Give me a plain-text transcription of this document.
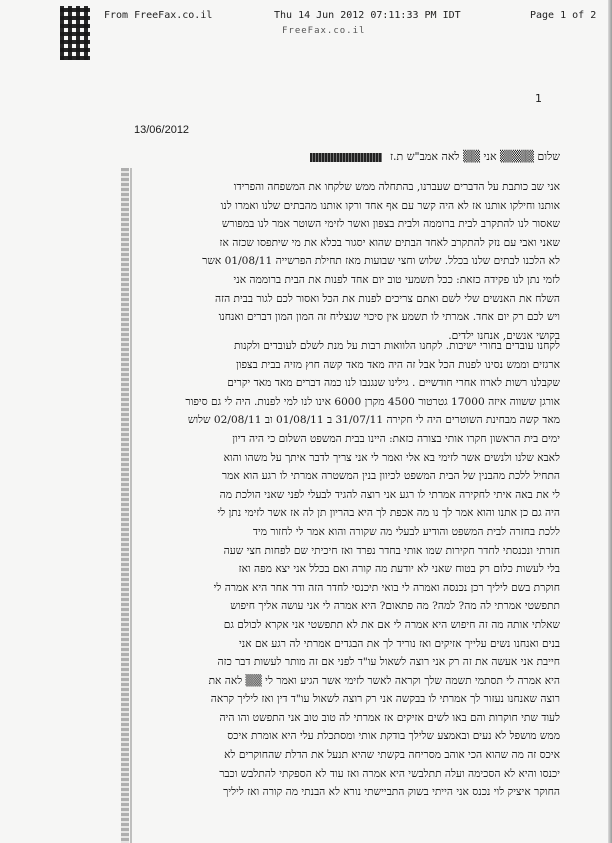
From FreeFax.co.il	Thu 14 Jun 2012 07:11:33 PM IDT	Page 1 of 2
FreeFax.co.il
1
13/06/2012
שלום ▒▒▒▒ אני ▒▒ לאה אמב"ש ת.ז
אני שב כותבת על הדברים שעברנו, בהתחלה ממש שלקחו את המשפחה והפרידו
אותנו וחילקו אותנו אז לא היה קשר עם אף אחד ורקו אותנו מהבתים שלנו ואמרו לנו
שאסור לנו להתקרב לבית ברוממה ולבית בצפון ואשר לזימי השוטר אמר לנו במפורש
שאני ואבי עם נזק להתקרב לאחד הבתים שהוא יסגור בכלא את מי שיתפסו שכזה אז
לא הלכנו לבתים שלנו בכלל. שלוש וחצי שבועות מאז תחילת הפרשייה 01/08/11 אשר
לזמי נתן לנו פקידה כזאת: ככל תשמעי טוב יום אחד לפנות את הבית ברוממה אני
השלח את האנשים שלי לשם ואתם צריכים לפנות את הכל ואסור לכם לגור בבית הזה
ויש לכם רק יום אחד. אמרתי לו תשמע אין סיכוי שנצליח זה המון המון דברים ואנחנו
בקושי אנשים, אנחנו ילדים.
לקחנו עובדים בחורי ישיבות. לקחנו הלוואות רבות על מנת לשלם לעובדים ולקנות
ארגזים וממש נסינו לפנות הכל אבל זה היה מאד מאד קשה חוץ מזיה בבית בצפון
שקבלנו רשות לארוז אחרי חודשיים . גילינו שנגנבו לנו כמה דברים מאד מאד יקרים
אורגן ששווה איזה 17000 גטרטור 4500 מקרן 6000 אינו לנו למי לפנות. היה לי גם סיפור
מאד קשה מבחינת השוטרים היה לי חקירה 31/07/11 ב 01/08/11 וב 02/08/11 שלוש
ימים בית הראשון חקרו אותי בצורה כזאת: היינו בבית המשפט השלום כי היה דיון
לאבא שלנו ולנשים אשר לזימי בא אלי ואמר לי אני צריך לדבר איתך על משהו והוא
התחיל ללכת מהבנין של הבית המשפט לכיוון בנין המשטרה אמרתי לו רגע הוא אמר
לי את באה איתי לחקירה אמרתי לו רגע אני רוצה להגיד לבעלי לפני שאני הולכת מה
היה גם כן אתנו והוא אמר לך נו מה אכפת לך היא בהריון תן לה אז אשר לזימי נתן לי
ללכת בחזרה לבית המשפט והודיע לבעלי מה שקורה והוא אמר לי לחזור מיד
חזרתי ונכנסתי לחדר חקירות שמו אותי בחדר נפרד ואז חיכיתי שם לפחות חצי שעה
בלי לעשות כלום רק בטוח שאני לא יודעת מה קורה ואם בכלל אני יצא מפה ואז
חוקרת בשם ליליך רכן נכנסה ואמרה לי בואי תיכנסי לחדר הזה ודר אחר היא אמרה לי
תתפשטי אמרתי לה מה? למה? מה פתאום? היא אמרה לי אני עושה אליך חיפוש
שאלתי אותה מה זה חיפוש היא אמרה לי אם את לא תתפשטי אני אקרא לכולם גם
בנים ואנחנו נשים עלייך אזיקים ואז נוריד לך את הבגדים אמרתי לה רגע אם אני
חייבת אני אעשה את זה רק אני רוצה לשאול עו"ד לפני אם זה מותר לעשות דבר כזה
היא אמרה לי תסתמי תשמה שלך וקראה לאשר לזימי אשר הגיע ואמר לי ▒▒ לאה את
רוצה שאנחנו נעזור לך אמרתי לו בבקשה אני רק רוצה לשאול עו"ד דין ואז ליליך קראה
לעוד שתי חוקרות והם באו לשים אזיקים אז אמרתי לה טוב טוב אני התפשט והו היה
ממש מושפל לא נעים ובאמצע שלילך בודקת אותי ומסתכלת עלי היא אומרת איכס
איכס זה מה שהוא הכי אוהב מסריחה בקשתי שהיא תנעל את הדלת שהחוקרים לא
יכנסו והיא לא הסכימה ועלה תתלבשי היא אמרה ואז עוד לא הספקתי להתלבש וכבר
החוקר איציק לוי נכנס אני הייתי בשוק התביישתי נורא לא הבנתי מה קורה ואז ליליך
